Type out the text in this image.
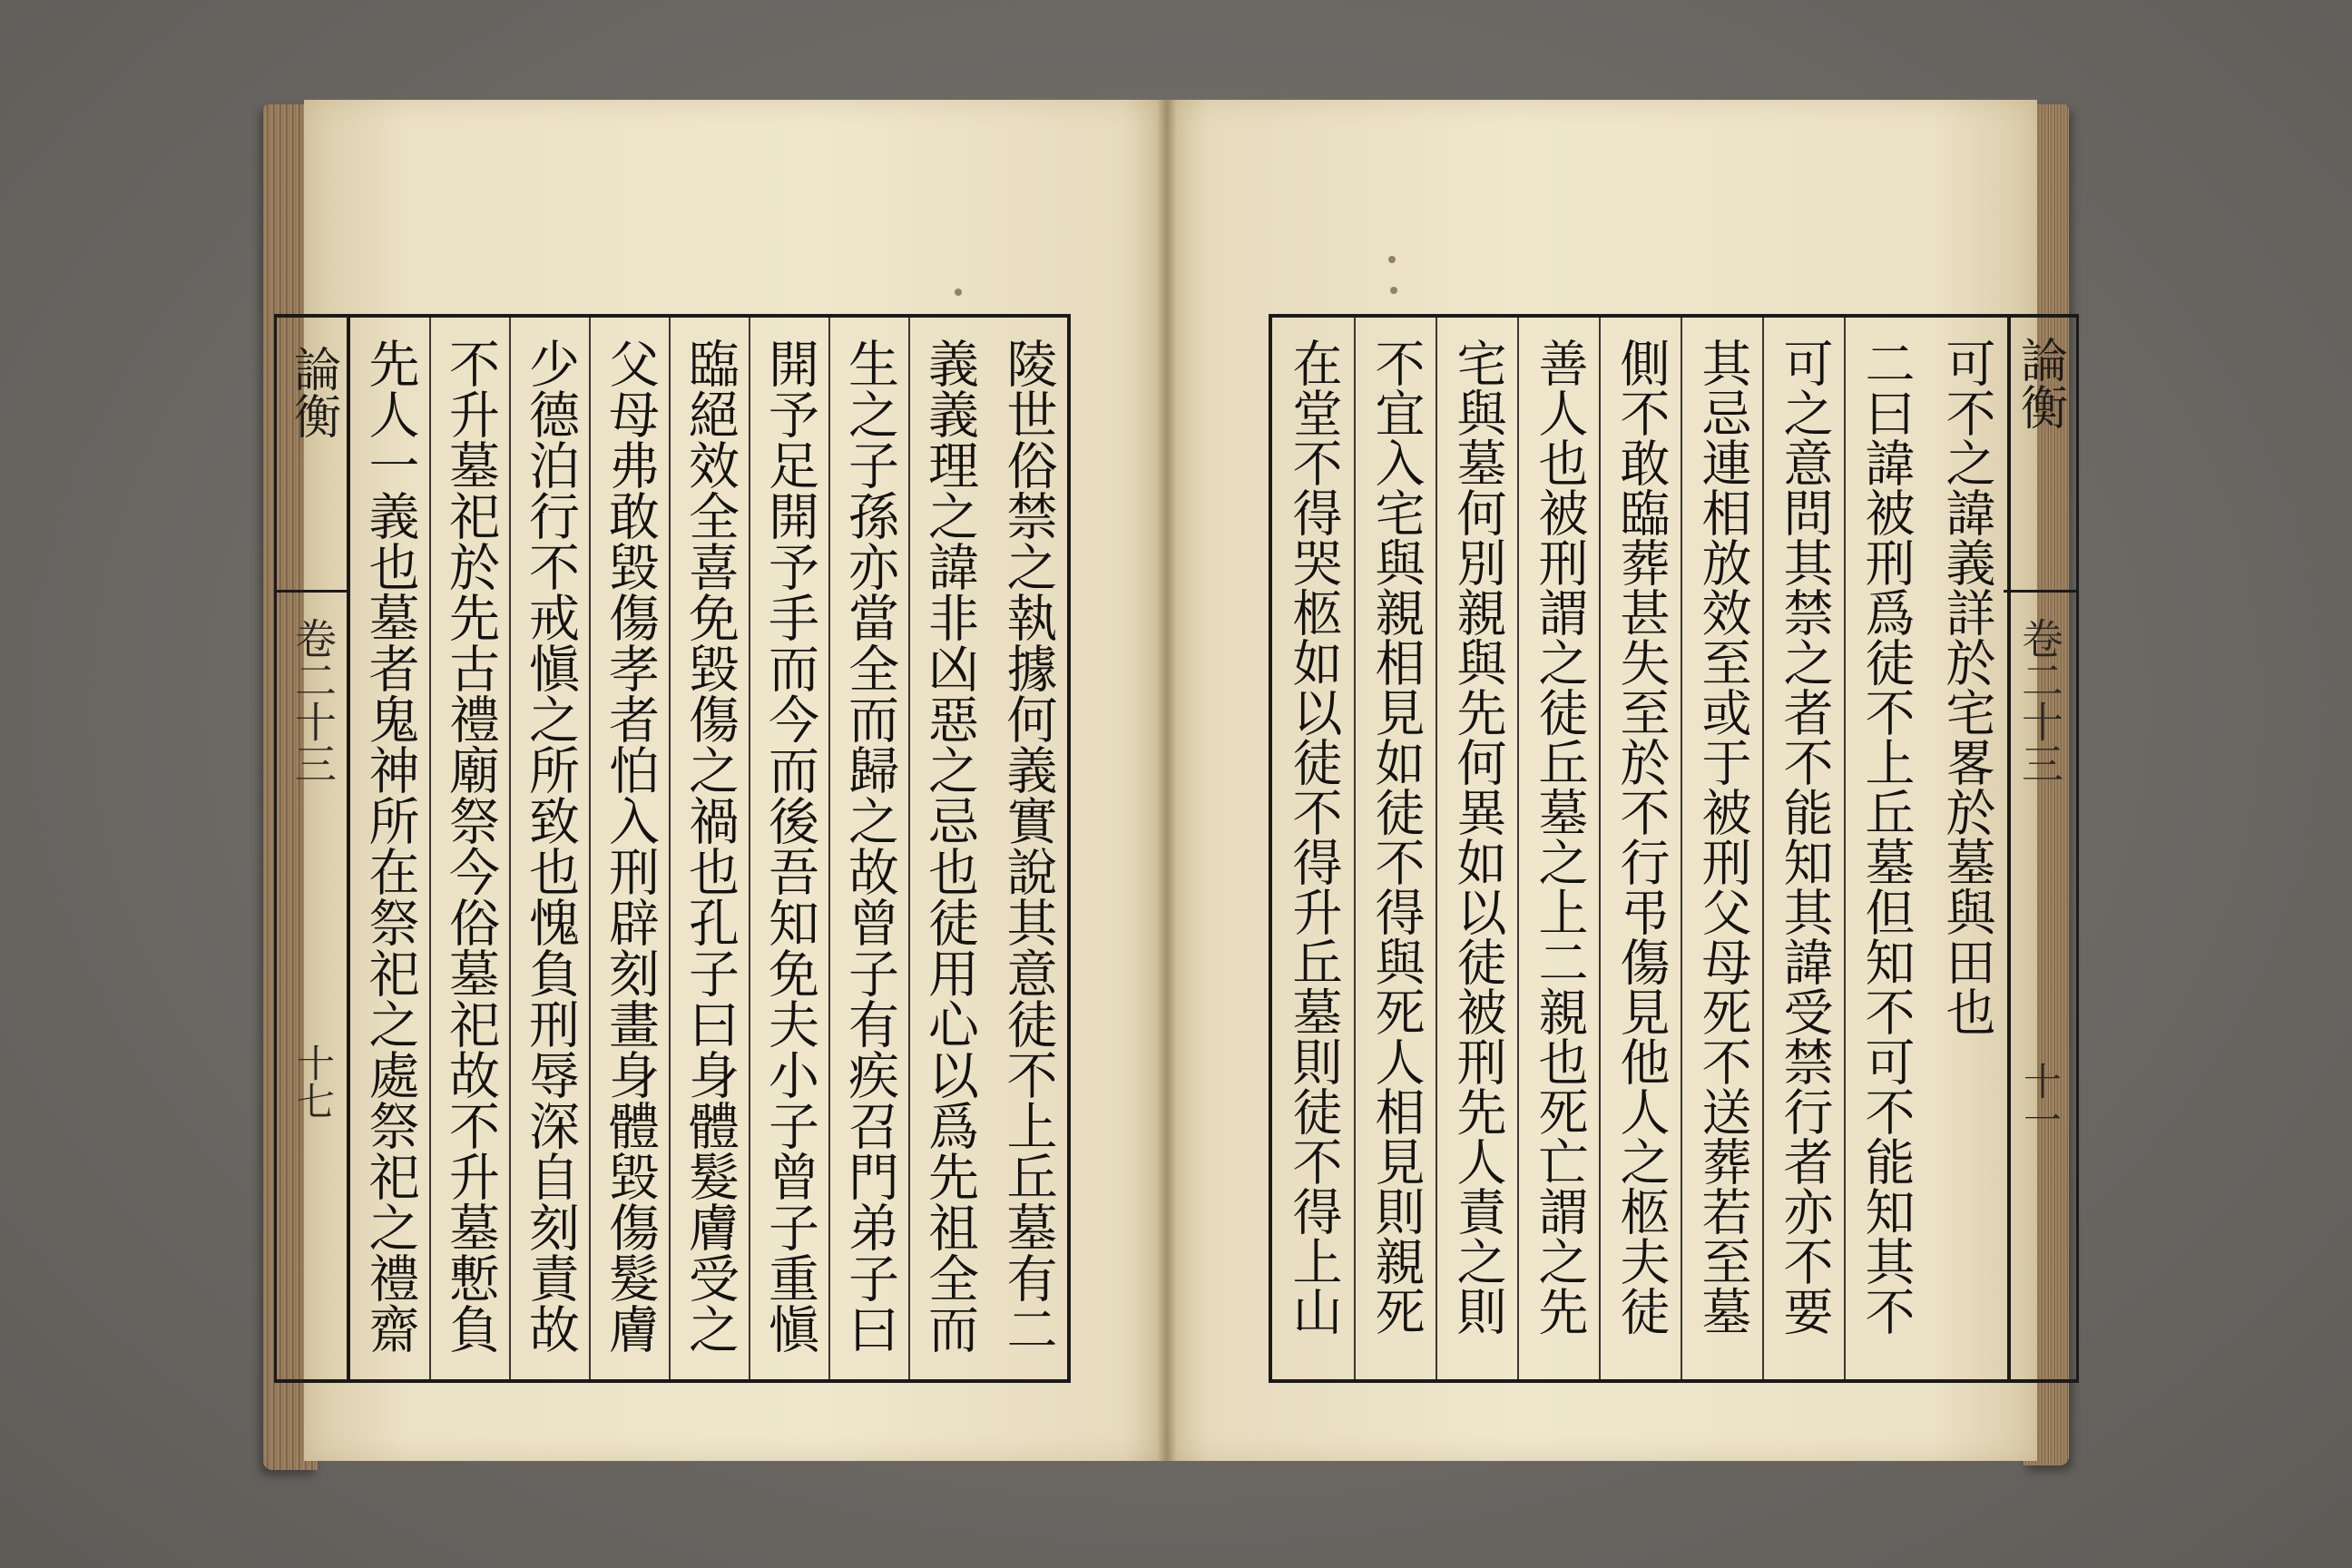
論衡
卷二十三
十七	陵世俗禁之執據何義實說其意徒不上丘墓有二
義義理之諱非凶惡之忌也徒用心以爲先祖全而
生之子孫亦當全而歸之故曾子有疾召門弟子曰
開予足開予手而今而後吾知免夫小子曾子重愼
臨絕效全喜免毀傷之禍也孔子曰身體髮膚受之
父母弗敢毀傷孝者怕入刑辟刻畫身體毀傷髮膚
少德泊行不戒愼之所致也愧負刑辱深自刻責故
不升墓祀於先古禮廟祭今俗墓祀故不升墓慙負
先人一義也墓者鬼神所在祭祀之處祭祀之禮齋	可不之諱義詳於宅畧於墓與田也
二曰諱被刑爲徒不上丘墓但知不可不能知其不
可之意問其禁之者不能知其諱受禁行者亦不要
其忌連相放效至或于被刑父母死不送葬若至墓
側不敢臨葬甚失至於不行弔傷見他人之柩夫徒
善人也被刑謂之徒丘墓之上二親也死亡謂之先
宅與墓何別親與先何異如以徒被刑先人責之則
不宜入宅與親相見如徒不得與死人相見則親死
在堂不得哭柩如以徒不得升丘墓則徒不得上山	論衡
卷二十三
十一
